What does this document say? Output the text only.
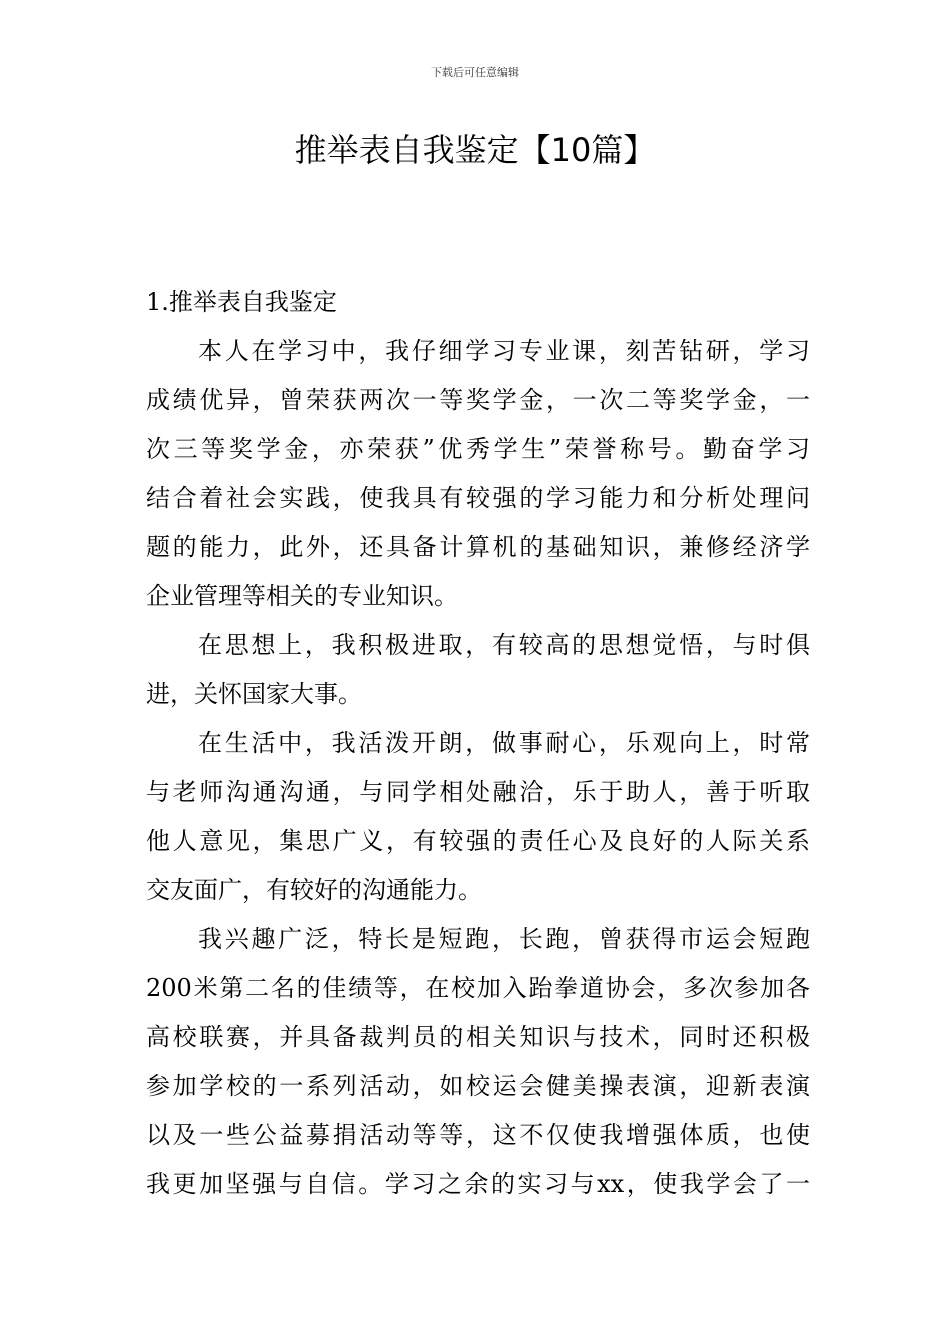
下载后可任意编辑
推举表自我鉴定【10篇】
1.推举表自我鉴定
本人在学习中，我仔细学习专业课，刻苦钻研，学习
成绩优异，曾荣获两次一等奖学金，一次二等奖学金，一
次三等奖学金，亦荣获”优秀学生”荣誉称号。勤奋学习
结合着社会实践，使我具有较强的学习能力和分析处理问
题的能力，此外，还具备计算机的基础知识，兼修经济学
企业管理等相关的专业知识。
在思想上，我积极进取，有较高的思想觉悟，与时俱
进，关怀国家大事。
在生活中，我活泼开朗，做事耐心，乐观向上，时常
与老师沟通沟通，与同学相处融洽，乐于助人，善于听取
他人意见，集思广义，有较强的责任心及良好的人际关系
交友面广，有较好的沟通能力。
我兴趣广泛，特长是短跑，长跑，曾获得市运会短跑
200米第二名的佳绩等，在校加入跆拳道协会，多次参加各
高校联赛，并具备裁判员的相关知识与技术，同时还积极
参加学校的一系列活动，如校运会健美操表演，迎新表演
以及一些公益募捐活动等等，这不仅使我增强体质，也使
我更加坚强与自信。学习之余的实习与xx，使我学会了一
